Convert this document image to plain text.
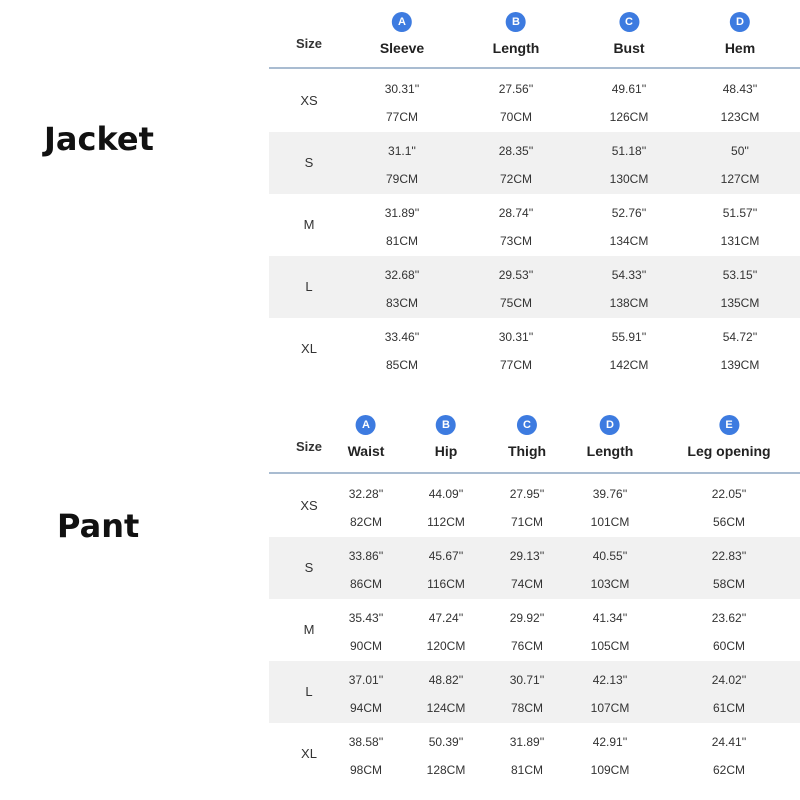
Jacket
Pant
Size
A
Sleeve
B
Length
C
Bust
D
Hem
XS
30.31''
77CM
27.56''
70CM
49.61''
126CM
48.43''
123CM
S
31.1''
79CM
28.35''
72CM
51.18''
130CM
50''
127CM
M
31.89''
81CM
28.74''
73CM
52.76''
134CM
51.57''
131CM
L
32.68''
83CM
29.53''
75CM
54.33''
138CM
53.15''
135CM
XL
33.46''
85CM
30.31''
77CM
55.91''
142CM
54.72''
139CM
Size
A
Waist
B
Hip
C
Thigh
D
Length
E
Leg opening
XS
32.28''
82CM
44.09''
112CM
27.95''
71CM
39.76''
101CM
22.05''
56CM
S
33.86''
86CM
45.67''
116CM
29.13''
74CM
40.55''
103CM
22.83''
58CM
M
35.43''
90CM
47.24''
120CM
29.92''
76CM
41.34''
105CM
23.62''
60CM
L
37.01''
94CM
48.82''
124CM
30.71''
78CM
42.13''
107CM
24.02''
61CM
XL
38.58''
98CM
50.39''
128CM
31.89''
81CM
42.91''
109CM
24.41''
62CM
